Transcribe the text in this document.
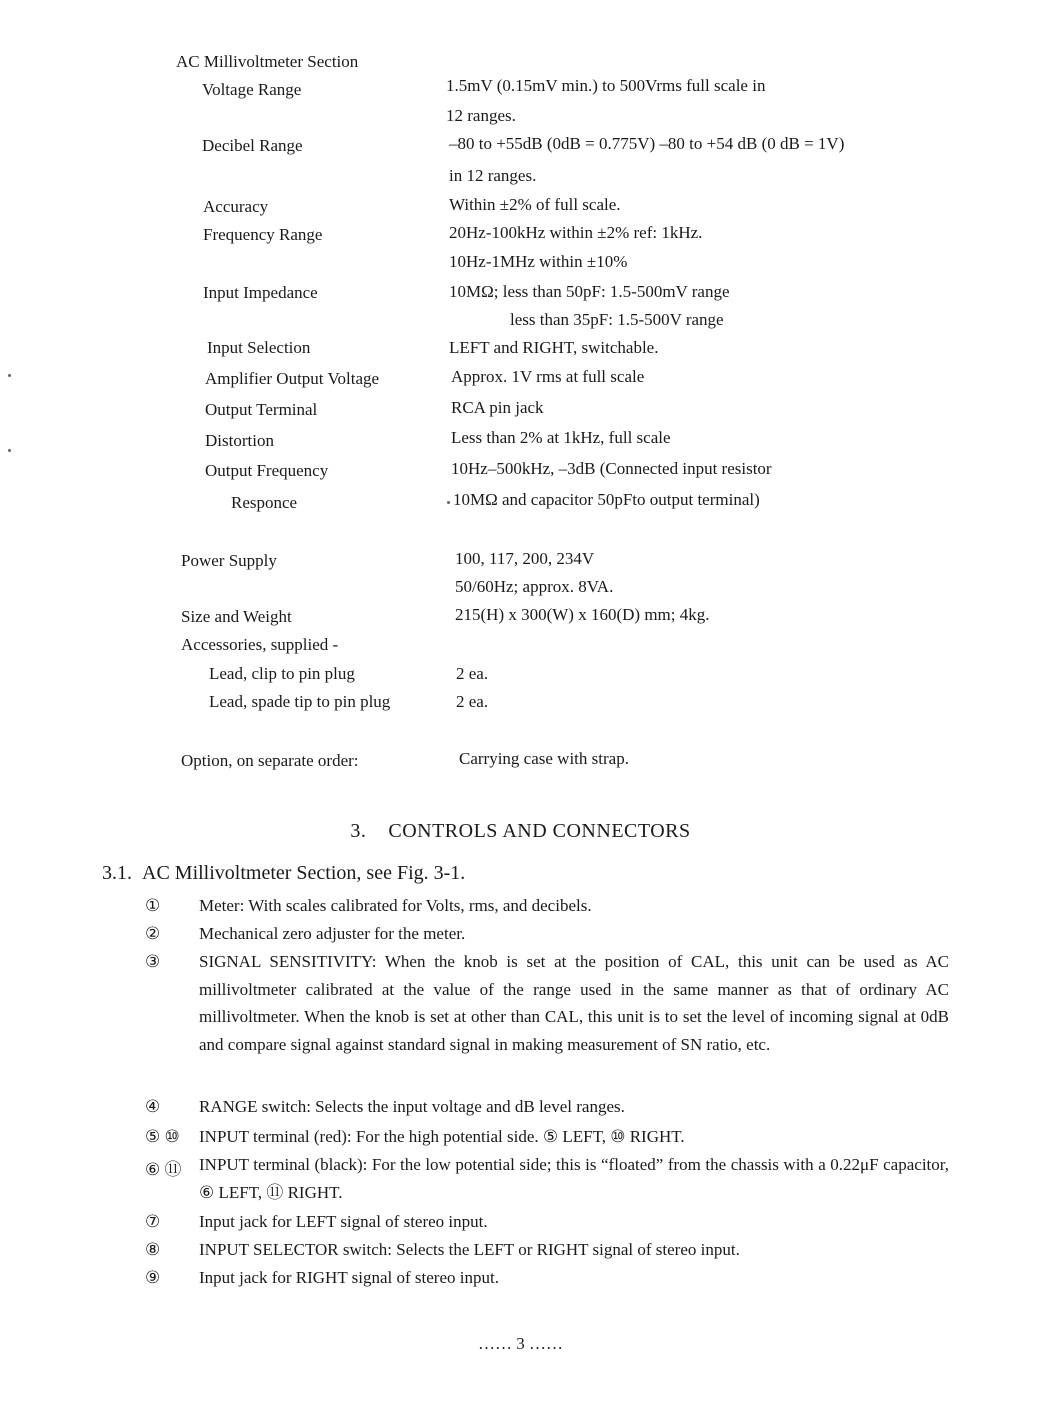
AC Millivoltmeter Section
Voltage Range	1.5mV (0.15mV min.) to 500Vrms full scale in
12 ranges.
Decibel Range	–80 to +55dB (0dB = 0.775V) –80 to +54 dB (0 dB = 1V)
in 12 ranges.
Accuracy	Within ±2% of full scale.
Frequency Range	20Hz-100kHz within ±2% ref: 1kHz.
10Hz-1MHz within ±10%
Input Impedance	10MΩ; less than 50pF: 1.5-500mV range
less than 35pF: 1.5-500V range
Input Selection	LEFT and RIGHT, switchable.
Amplifier Output Voltage	Approx. 1V rms at full scale
Output Terminal	RCA pin jack
Distortion	Less than 2% at 1kHz, full scale
Output Frequency	10Hz–500kHz, –3dB (Connected input resistor
Responce	10MΩ and capacitor 50pFto output terminal)
Power Supply	100, 117, 200, 234V
50/60Hz; approx. 8VA.
Size and Weight	215(H) x 300(W) x 160(D) mm; 4kg.
Accessories, supplied -
Lead, clip to pin plug	2 ea.
Lead, spade tip to pin plug	2 ea.
Option, on separate order:	Carrying case with strap.
3. CONTROLS AND CONNECTORS
3.1. AC Millivoltmeter Section, see Fig. 3-1.
① Meter: With scales calibrated for Volts, rms, and decibels.
② Mechanical zero adjuster for the meter.
③ SIGNAL SENSITIVITY: When the knob is set at the position of CAL, this unit can be used as AC millivoltmeter calibrated at the value of the range used in the same manner as that of ordinary AC millivoltmeter. When the knob is set at other than CAL, this unit is to set the level of incoming signal at 0dB and compare signal against standard signal in making measurement of SN ratio, etc.
④ RANGE switch: Selects the input voltage and dB level ranges.
⑤ ⑩ INPUT terminal (red): For the high potential side. ⑤ LEFT, ⑩ RIGHT.
⑥ ⑪ INPUT terminal (black): For the low potential side; this is “floated” from the chassis with a 0.22μF capacitor, ⑥ LEFT, ⑪ RIGHT.
⑦ Input jack for LEFT signal of stereo input.
⑧ INPUT SELECTOR switch: Selects the LEFT or RIGHT signal of stereo input.
⑨ Input jack for RIGHT signal of stereo input.
…… 3 ……
